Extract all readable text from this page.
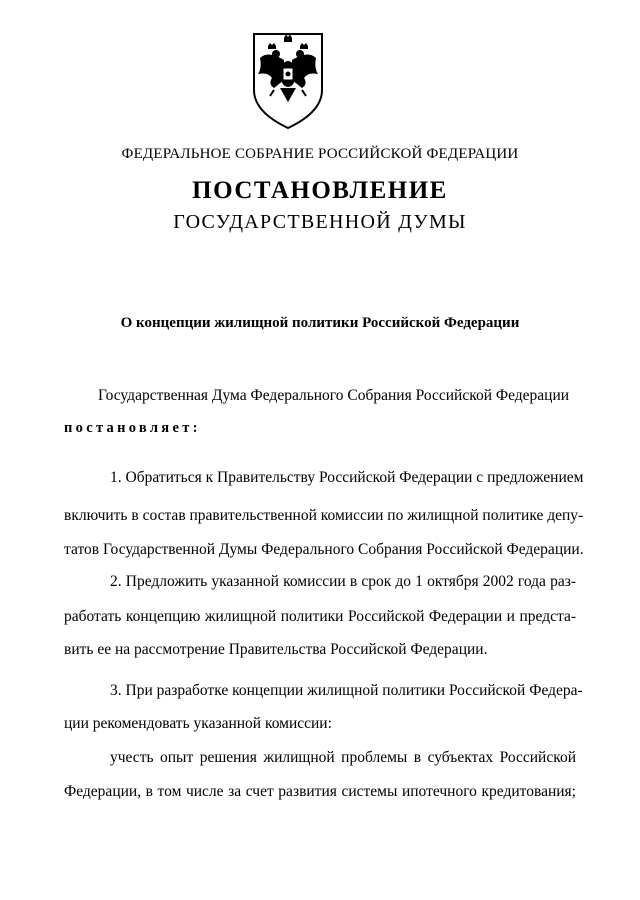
ФЕДЕРАЛЬНОЕ СОБРАНИЕ РОССИЙСКОЙ ФЕДЕРАЦИИ
ПОСТАНОВЛЕНИЕ
ГОСУДАРСТВЕННОЙ ДУМЫ
О концепции жилищной политики Российской Федерации
Государственная Дума Федерального Собрания Российской Федерации
постановляет:
1. Обратиться к Правительству Российской Федерации с предложением
включить в состав правительственной комиссии по жилищной политике депу-
татов Государственной Думы Федерального Собрания Российской Федерации.
2. Предложить указанной комиссии в срок до 1 октября 2002 года раз-
работать концепцию жилищной политики Российской Федерации и предста-
вить ее на рассмотрение Правительства Российской Федерации.
3. При разработке концепции жилищной политики Российской Федера-
ции рекомендовать указанной комиссии:
учесть опыт решения жилищной проблемы в субъектах Российской
Федерации, в том числе за счет развития системы ипотечного кредитования;
